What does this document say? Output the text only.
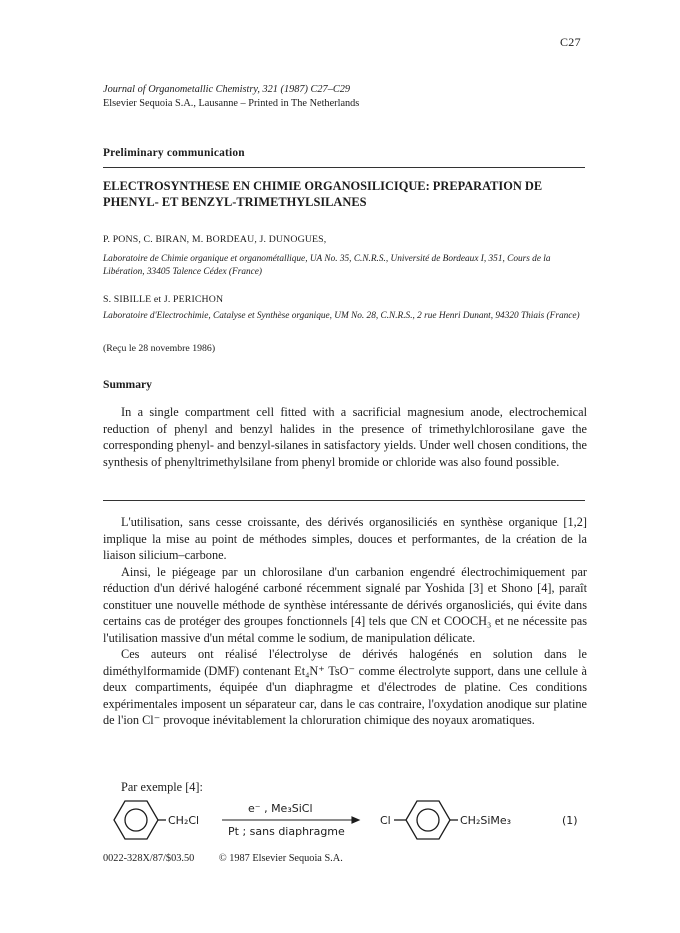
C27
Journal of Organometallic Chemistry, 321 (1987) C27–C29
Elsevier Sequoia S.A., Lausanne – Printed in The Netherlands
Preliminary communication
ELECTROSYNTHESE EN CHIMIE ORGANOSILICIQUE: PREPARATION DE PHENYL- ET BENZYL-TRIMETHYLSILANES
P. PONS, C. BIRAN, M. BORDEAU, J. DUNOGUES,
Laboratoire de Chimie organique et organométallique, UA No. 35, C.N.R.S., Université de Bordeaux I, 351, Cours de la Libération, 33405 Talence Cédex (France)
S. SIBILLE et J. PERICHON
Laboratoire d'Electrochimie, Catalyse et Synthèse organique, UM No. 28, C.N.R.S., 2 rue Henri Dunant, 94320 Thiais (France)
(Reçu le 28 novembre 1986)
Summary

In a single compartment cell fitted with a sacrificial magnesium anode, electrochemical reduction of phenyl and benzyl halides in the presence of trimethylchlorosilane gave the corresponding phenyl- and benzyl-silanes in satisfactory yields. Under well chosen conditions, the synthesis of phenyltrimethylsilane from phenyl bromide or chloride was also found possible.

L'utilisation, sans cesse croissante, des dérivés organosiliciés en synthèse organique [1,2] implique la mise au point de méthodes simples, douces et performantes, de la création de la liaison silicium–carbone.

Ainsi, le piégeage par un chlorosilane d'un carbanion engendré électrochimiquement par réduction d'un dérivé halogéné carboné récemment signalé par Yoshida [3] et Shono [4], paraît constituer une nouvelle méthode de synthèse intéressante de dérivés organosliciés, qui évite dans certains cas de protéger des groupes fonctionnels [4] tels que CN et COOCH₃ et ne nécessite pas l'utilisation massive d'un métal comme le sodium, de manipulation délicate.

Ces auteurs ont réalisé l'électrolyse de dérivés halogénés en solution dans le diméthylformamide (DMF) contenant Et₄N⁺ TsO⁻ comme électrolyte support, dans une cellule à deux compartiments, équipée d'un diaphragme et d'électrodes de platine. Ces conditions expérimentales imposent un séparateur car, dans le cas contraire, l'oxydation anodique sur platine de l'ion Cl⁻ provoque inévitablement la chloruration chimique des noyaux aromatiques.

Par exemple [4]:
CH₂Cl
e⁻ , Me₃SiCl
Pt ; sans diaphragme
Cl	CH₂SiMe₃	(1)
0022-328X/87/$03.50 © 1987 Elsevier Sequoia S.A.
